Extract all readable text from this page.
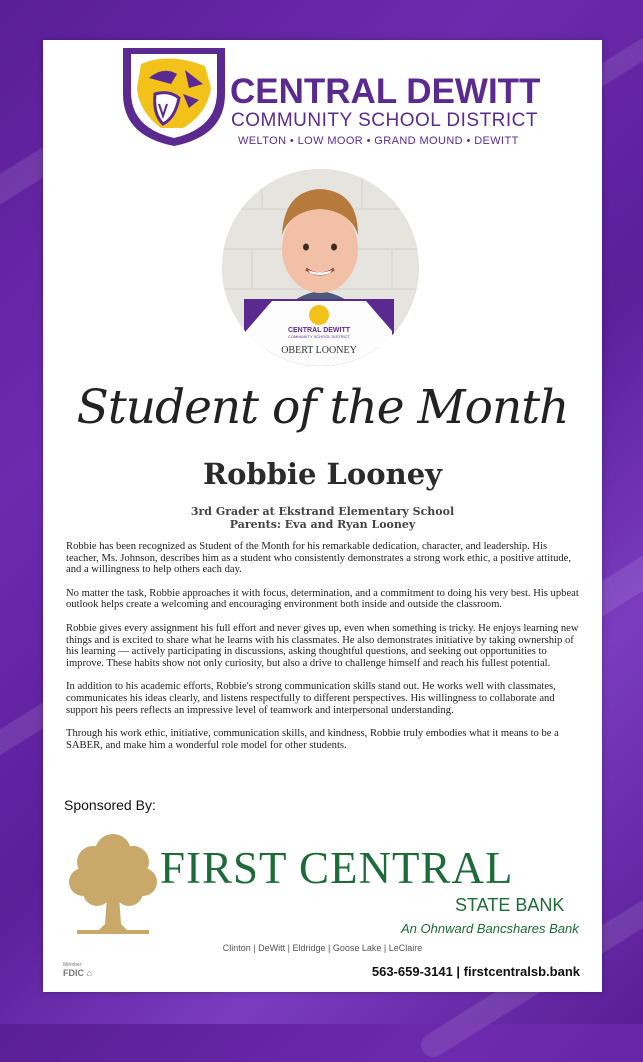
CENTRAL DEWITT
COMMUNITY SCHOOL DISTRICT
WELTON • LOW MOOR • GRAND MOUND • DEWITT
CENTRAL DEWITT
COMMUNITY SCHOOL DISTRICT
OBERT LOONEY
Student of the Month
Robbie Looney
3rd Grader at Ekstrand Elementary School
Parents: Eva and Ryan Looney

Robbie has been recognized as Student of the Month for his remarkable dedication, character, and leadership. His teacher, Ms. Johnson, describes him as a student who consistently demonstrates a strong work ethic, a positive attitude, and a willingness to help others each day.

No matter the task, Robbie approaches it with focus, determination, and a commitment to doing his very best. His upbeat outlook helps create a welcoming and encouraging environment both inside and outside the classroom.

Robbie gives every assignment his full effort and never gives up, even when something is tricky. He enjoys learning new things and is excited to share what he learns with his classmates. He also demonstrates initiative by taking ownership of his learning — actively participating in discussions, asking thoughtful questions, and seeking out opportunities to improve. These habits show not only curiosity, but also a drive to challenge himself and reach his fullest potential.

In addition to his academic efforts, Robbie's strong communication skills stand out. He works well with classmates, communicates his ideas clearly, and listens respectfully to different perspectives. His willingness to collaborate and support his peers reflects an impressive level of teamwork and interpersonal understanding.

Through his work ethic, initiative, communication skills, and kindness, Robbie truly embodies what it means to be a SABER, and make him a wonderful role model for other students.

Sponsored By:
FIRST CENTRAL
STATE BANK
An Ohnward Bancshares Bank
Clinton | DeWitt | Eldridge | Goose Lake | LeClaire
Member
FDIC ⌂	563-659-3141 | firstcentralsb.bank
